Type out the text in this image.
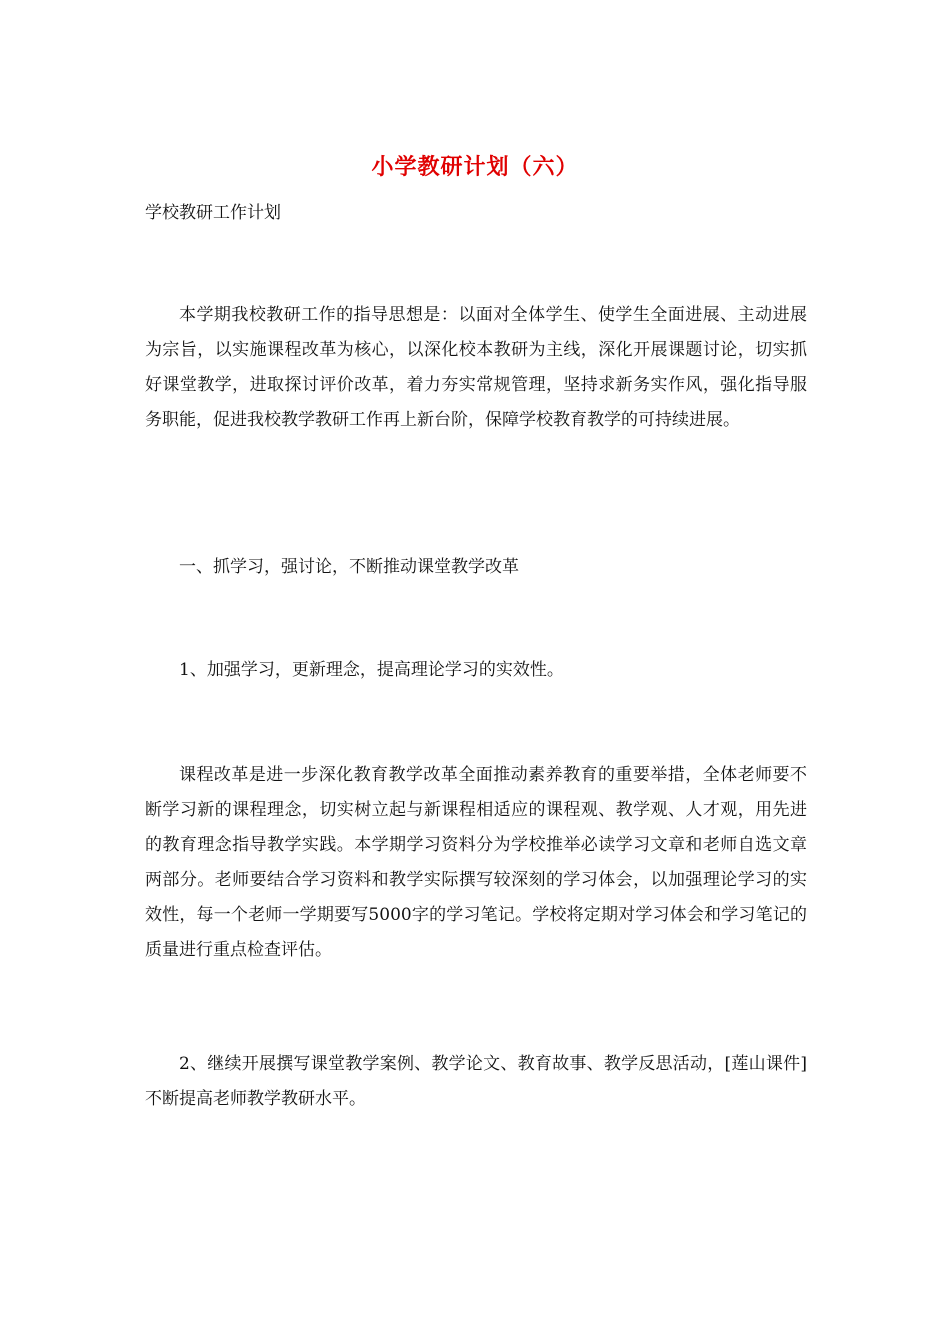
小学教研计划（六）
学校教研工作计划

本学期我校教研工作的指导思想是：以面对全体学生、使学生全面进展、主动进展为宗旨，以实施课程改革为核心，以深化校本教研为主线，深化开展课题讨论，切实抓好课堂教学，进取探讨评价改革，着力夯实常规管理，坚持求新务实作风，强化指导服务职能，促进我校教学教研工作再上新台阶，保障学校教育教学的可持续进展。

一、抓学习，强讨论，不断推动课堂教学改革

1、加强学习，更新理念，提高理论学习的实效性。

课程改革是进一步深化教育教学改革全面推动素养教育的重要举措，全体老师要不断学习新的课程理念，切实树立起与新课程相适应的课程观、教学观、人才观，用先进的教育理念指导教学实践。本学期学习资料分为学校推举必读学习文章和老师自选文章两部分。老师要结合学习资料和教学实际撰写较深刻的学习体会，以加强理论学习的实效性，每一个老师一学期要写5000字的学习笔记。学校将定期对学习体会和学习笔记的质量进行重点检查评估。

2、继续开展撰写课堂教学案例、教学论文、教育故事、教学反思活动，[莲山课件]不断提高老师教学教研水平。
